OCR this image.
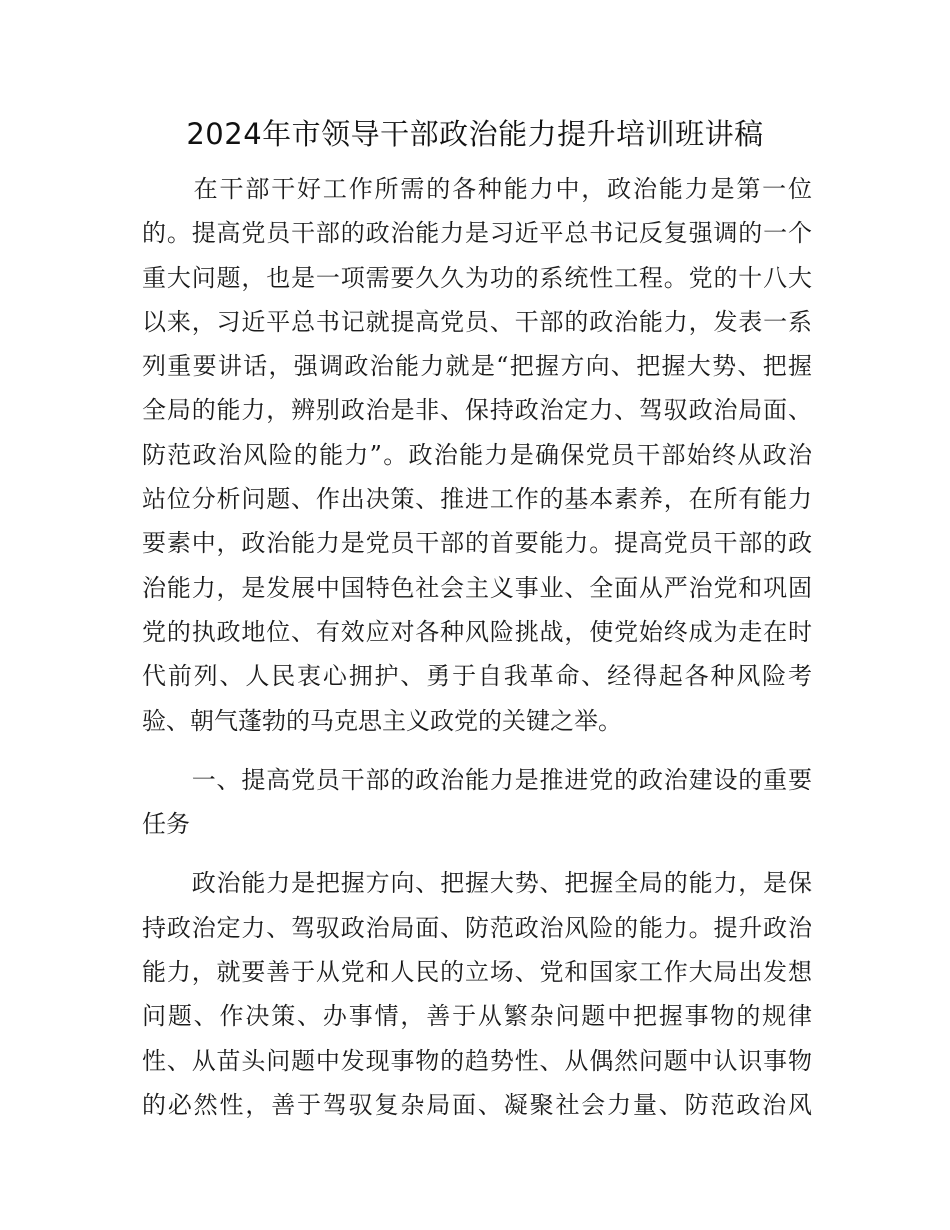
2024年市领导干部政治能力提升培训班讲稿
　　在干部干好工作所需的各种能力中，政治能力是第一位
的。提高党员干部的政治能力是习近平总书记反复强调的一个
重大问题，也是一项需要久久为功的系统性工程。党的十八大
以来，习近平总书记就提高党员、干部的政治能力，发表一系
列重要讲话，强调政治能力就是“把握方向、把握大势、把握
全局的能力，辨别政治是非、保持政治定力、驾驭政治局面、
防范政治风险的能力”。政治能力是确保党员干部始终从政治
站位分析问题、作出决策、推进工作的基本素养，在所有能力
要素中，政治能力是党员干部的首要能力。提高党员干部的政
治能力，是发展中国特色社会主义事业、全面从严治党和巩固
党的执政地位、有效应对各种风险挑战，使党始终成为走在时
代前列、人民衷心拥护、勇于自我革命、经得起各种风险考
验、朝气蓬勃的马克思主义政党的关键之举。
　　一、提高党员干部的政治能力是推进党的政治建设的重要
任务
　　政治能力是把握方向、把握大势、把握全局的能力，是保
持政治定力、驾驭政治局面、防范政治风险的能力。提升政治
能力，就要善于从党和人民的立场、党和国家工作大局出发想
问题、作决策、办事情，善于从繁杂问题中把握事物的规律
性、从苗头问题中发现事物的趋势性、从偶然问题中认识事物
的必然性，善于驾驭复杂局面、凝聚社会力量、防范政治风
